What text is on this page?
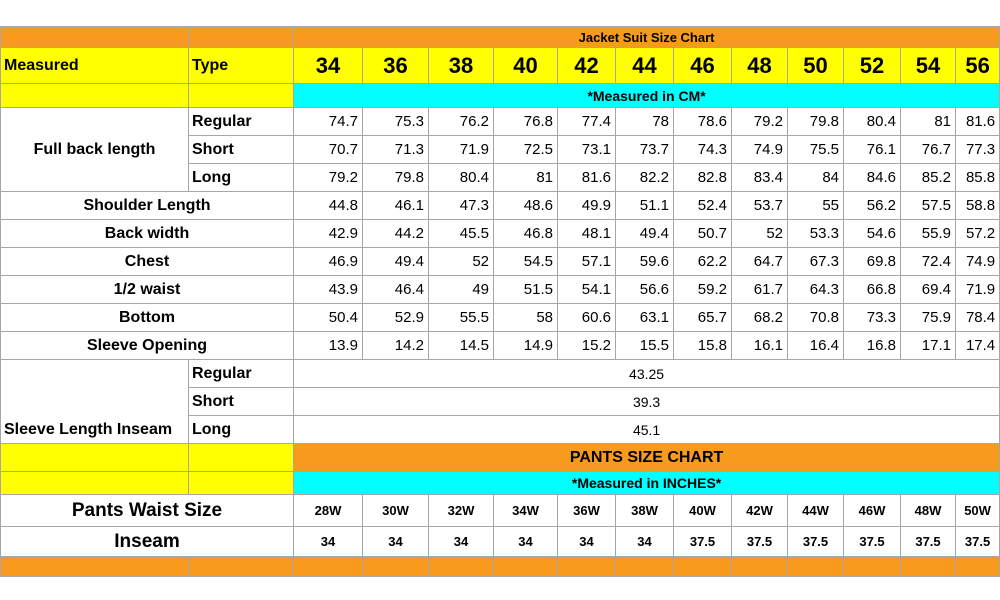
		Jacket Suit Size Chart											
Measured	Type	34	36	38	40	42	44	46	48	50	52	54	56
		*Measured in CM*											
Full back length	Regular	74.7	75.3	76.2	76.8	77.4	78	78.6	79.2	79.8	80.4	81	81.6
	Short	70.7	71.3	71.9	72.5	73.1	73.7	74.3	74.9	75.5	76.1	76.7	77.3
	Long	79.2	79.8	80.4	81	81.6	82.2	82.8	83.4	84	84.6	85.2	85.8
Shoulder Length		44.8	46.1	47.3	48.6	49.9	51.1	52.4	53.7	55	56.2	57.5	58.8
Back width		42.9	44.2	45.5	46.8	48.1	49.4	50.7	52	53.3	54.6	55.9	57.2
Chest		46.9	49.4	52	54.5	57.1	59.6	62.2	64.7	67.3	69.8	72.4	74.9
1/2 waist		43.9	46.4	49	51.5	54.1	56.6	59.2	61.7	64.3	66.8	69.4	71.9
Bottom		50.4	52.9	55.5	58	60.6	63.1	65.7	68.2	70.8	73.3	75.9	78.4
Sleeve Opening		13.9	14.2	14.5	14.9	15.2	15.5	15.8	16.1	16.4	16.8	17.1	17.4
Sleeve Length Inseam	Regular	43.25											
	Short	39.3											
	Long	45.1											
		PANTS SIZE CHART											
		*Measured in INCHES*											
Pants Waist Size		28W	30W	32W	34W	36W	38W	40W	42W	44W	46W	48W	50W
Inseam		34	34	34	34	34	34	37.5	37.5	37.5	37.5	37.5	37.5
